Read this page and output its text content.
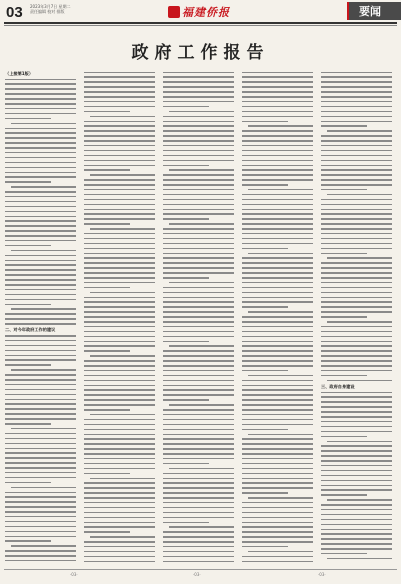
03 2023年3月7日 星期二
责任编辑 校对 排版	福建侨报	要闻
政府工作报告
（上接第1版）
二、对今年政府工作的建议
三、政府自身建设
·03·	·03·	·03·
